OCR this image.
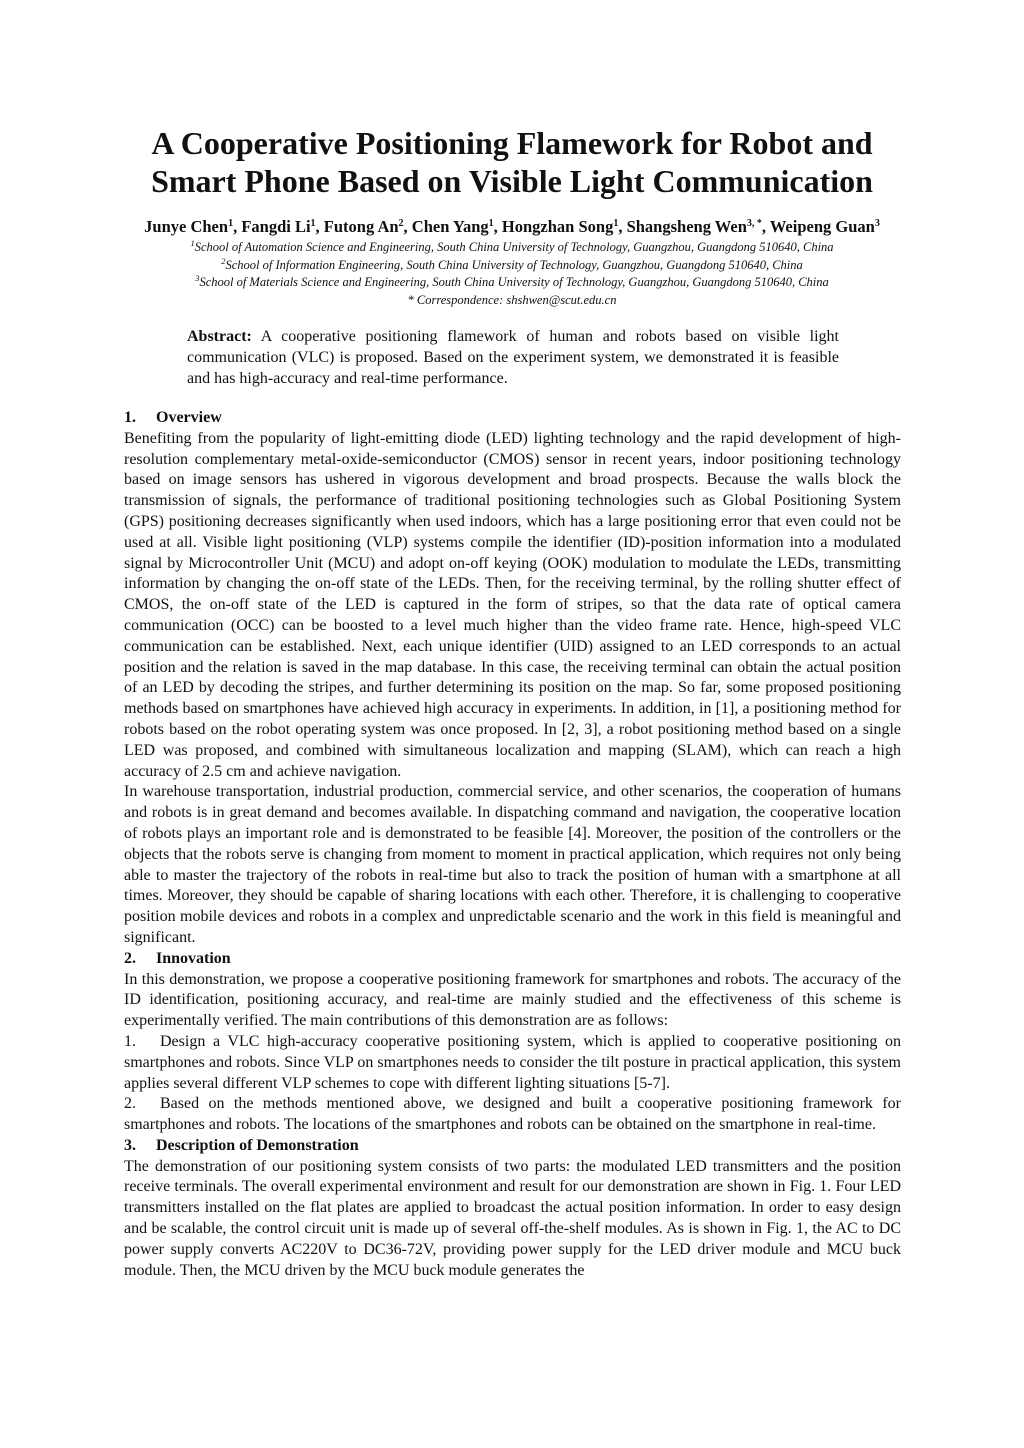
A Cooperative Positioning Flamework for Robot and
Smart Phone Based on Visible Light Communication
Junye Chen$^1$, Fangdi Li$^1$, Futong An$^2$, Chen Yang$^1$, Hongzhan Song$^1$, Shangsheng Wen$^{3, *}$, Weipeng Guan$^3$
$^1$School of Automation Science and Engineering, South China University of Technology, Guangzhou, Guangdong 510640, China
$^2$School of Information Engineering, South China University of Technology, Guangzhou, Guangdong 510640, China
$^3$School of Materials Science and Engineering, South China University of Technology, Guangzhou, Guangdong 510640, China
* Correspondence: shshwen@scut.edu.cn
Abstract: A cooperative positioning flamework of human and robots based on visible light communication (VLC) is proposed. Based on the experiment system, we demonstrated it is feasible and has high-accuracy and real-time performance.

1. Overview

Benefiting from the popularity of light-emitting diode (LED) lighting technology and the rapid development of high-resolution complementary metal-oxide-semiconductor (CMOS) sensor in recent years, indoor positioning technology based on image sensors has ushered in vigorous development and broad prospects. Because the walls block the transmission of signals, the performance of traditional positioning technologies such as Global Positioning System (GPS) positioning decreases significantly when used indoors, which has a large positioning error that even could not be used at all. Visible light positioning (VLP) systems compile the identifier (ID)-position information into a modulated signal by Microcontroller Unit (MCU) and adopt on-off keying (OOK) modulation to modulate the LEDs, transmitting information by changing the on-off state of the LEDs. Then, for the receiving terminal, by the rolling shutter effect of CMOS, the on-off state of the LED is captured in the form of stripes, so that the data rate of optical camera communication (OCC) can be boosted to a level much higher than the video frame rate. Hence, high-speed VLC communication can be established. Next, each unique identifier (UID) assigned to an LED corresponds to an actual position and the relation is saved in the map database. In this case, the receiving terminal can obtain the actual position of an LED by decoding the stripes, and further determining its position on the map. So far, some proposed positioning methods based on smartphones have achieved high accuracy in experiments. In addition, in [1], a positioning method for robots based on the robot operating system was once proposed. In [2, 3], a robot positioning method based on a single LED was proposed, and combined with simultaneous localization and mapping (SLAM), which can reach a high accuracy of 2.5 cm and achieve navigation.

In warehouse transportation, industrial production, commercial service, and other scenarios, the cooperation of humans and robots is in great demand and becomes available. In dispatching command and navigation, the cooperative location of robots plays an important role and is demonstrated to be feasible [4]. Moreover, the position of the controllers or the objects that the robots serve is changing from moment to moment in practical application, which requires not only being able to master the trajectory of the robots in real-time but also to track the position of human with a smartphone at all times. Moreover, they should be capable of sharing locations with each other. Therefore, it is challenging to cooperative position mobile devices and robots in a complex and unpredictable scenario and the work in this field is meaningful and significant.

2. Innovation

In this demonstration, we propose a cooperative positioning framework for smartphones and robots. The accuracy of the ID identification, positioning accuracy, and real-time are mainly studied and the effectiveness of this scheme is experimentally verified. The main contributions of this demonstration are as follows:

1. Design a VLC high-accuracy cooperative positioning system, which is applied to cooperative positioning on smartphones and robots. Since VLP on smartphones needs to consider the tilt posture in practical application, this system applies several different VLP schemes to cope with different lighting situations [5-7].

2. Based on the methods mentioned above, we designed and built a cooperative positioning framework for smartphones and robots. The locations of the smartphones and robots can be obtained on the smartphone in real-time.

3. Description of Demonstration

The demonstration of our positioning system consists of two parts: the modulated LED transmitters and the position receive terminals. The overall experimental environment and result for our demonstration are shown in Fig. 1. Four LED transmitters installed on the flat plates are applied to broadcast the actual position information. In order to easy design and be scalable, the control circuit unit is made up of several off-the-shelf modules. As is shown in Fig. 1, the AC to DC power supply converts AC220V to DC36-72V, providing power supply for the LED driver module and MCU buck module. Then, the MCU driven by the MCU buck module generates the
